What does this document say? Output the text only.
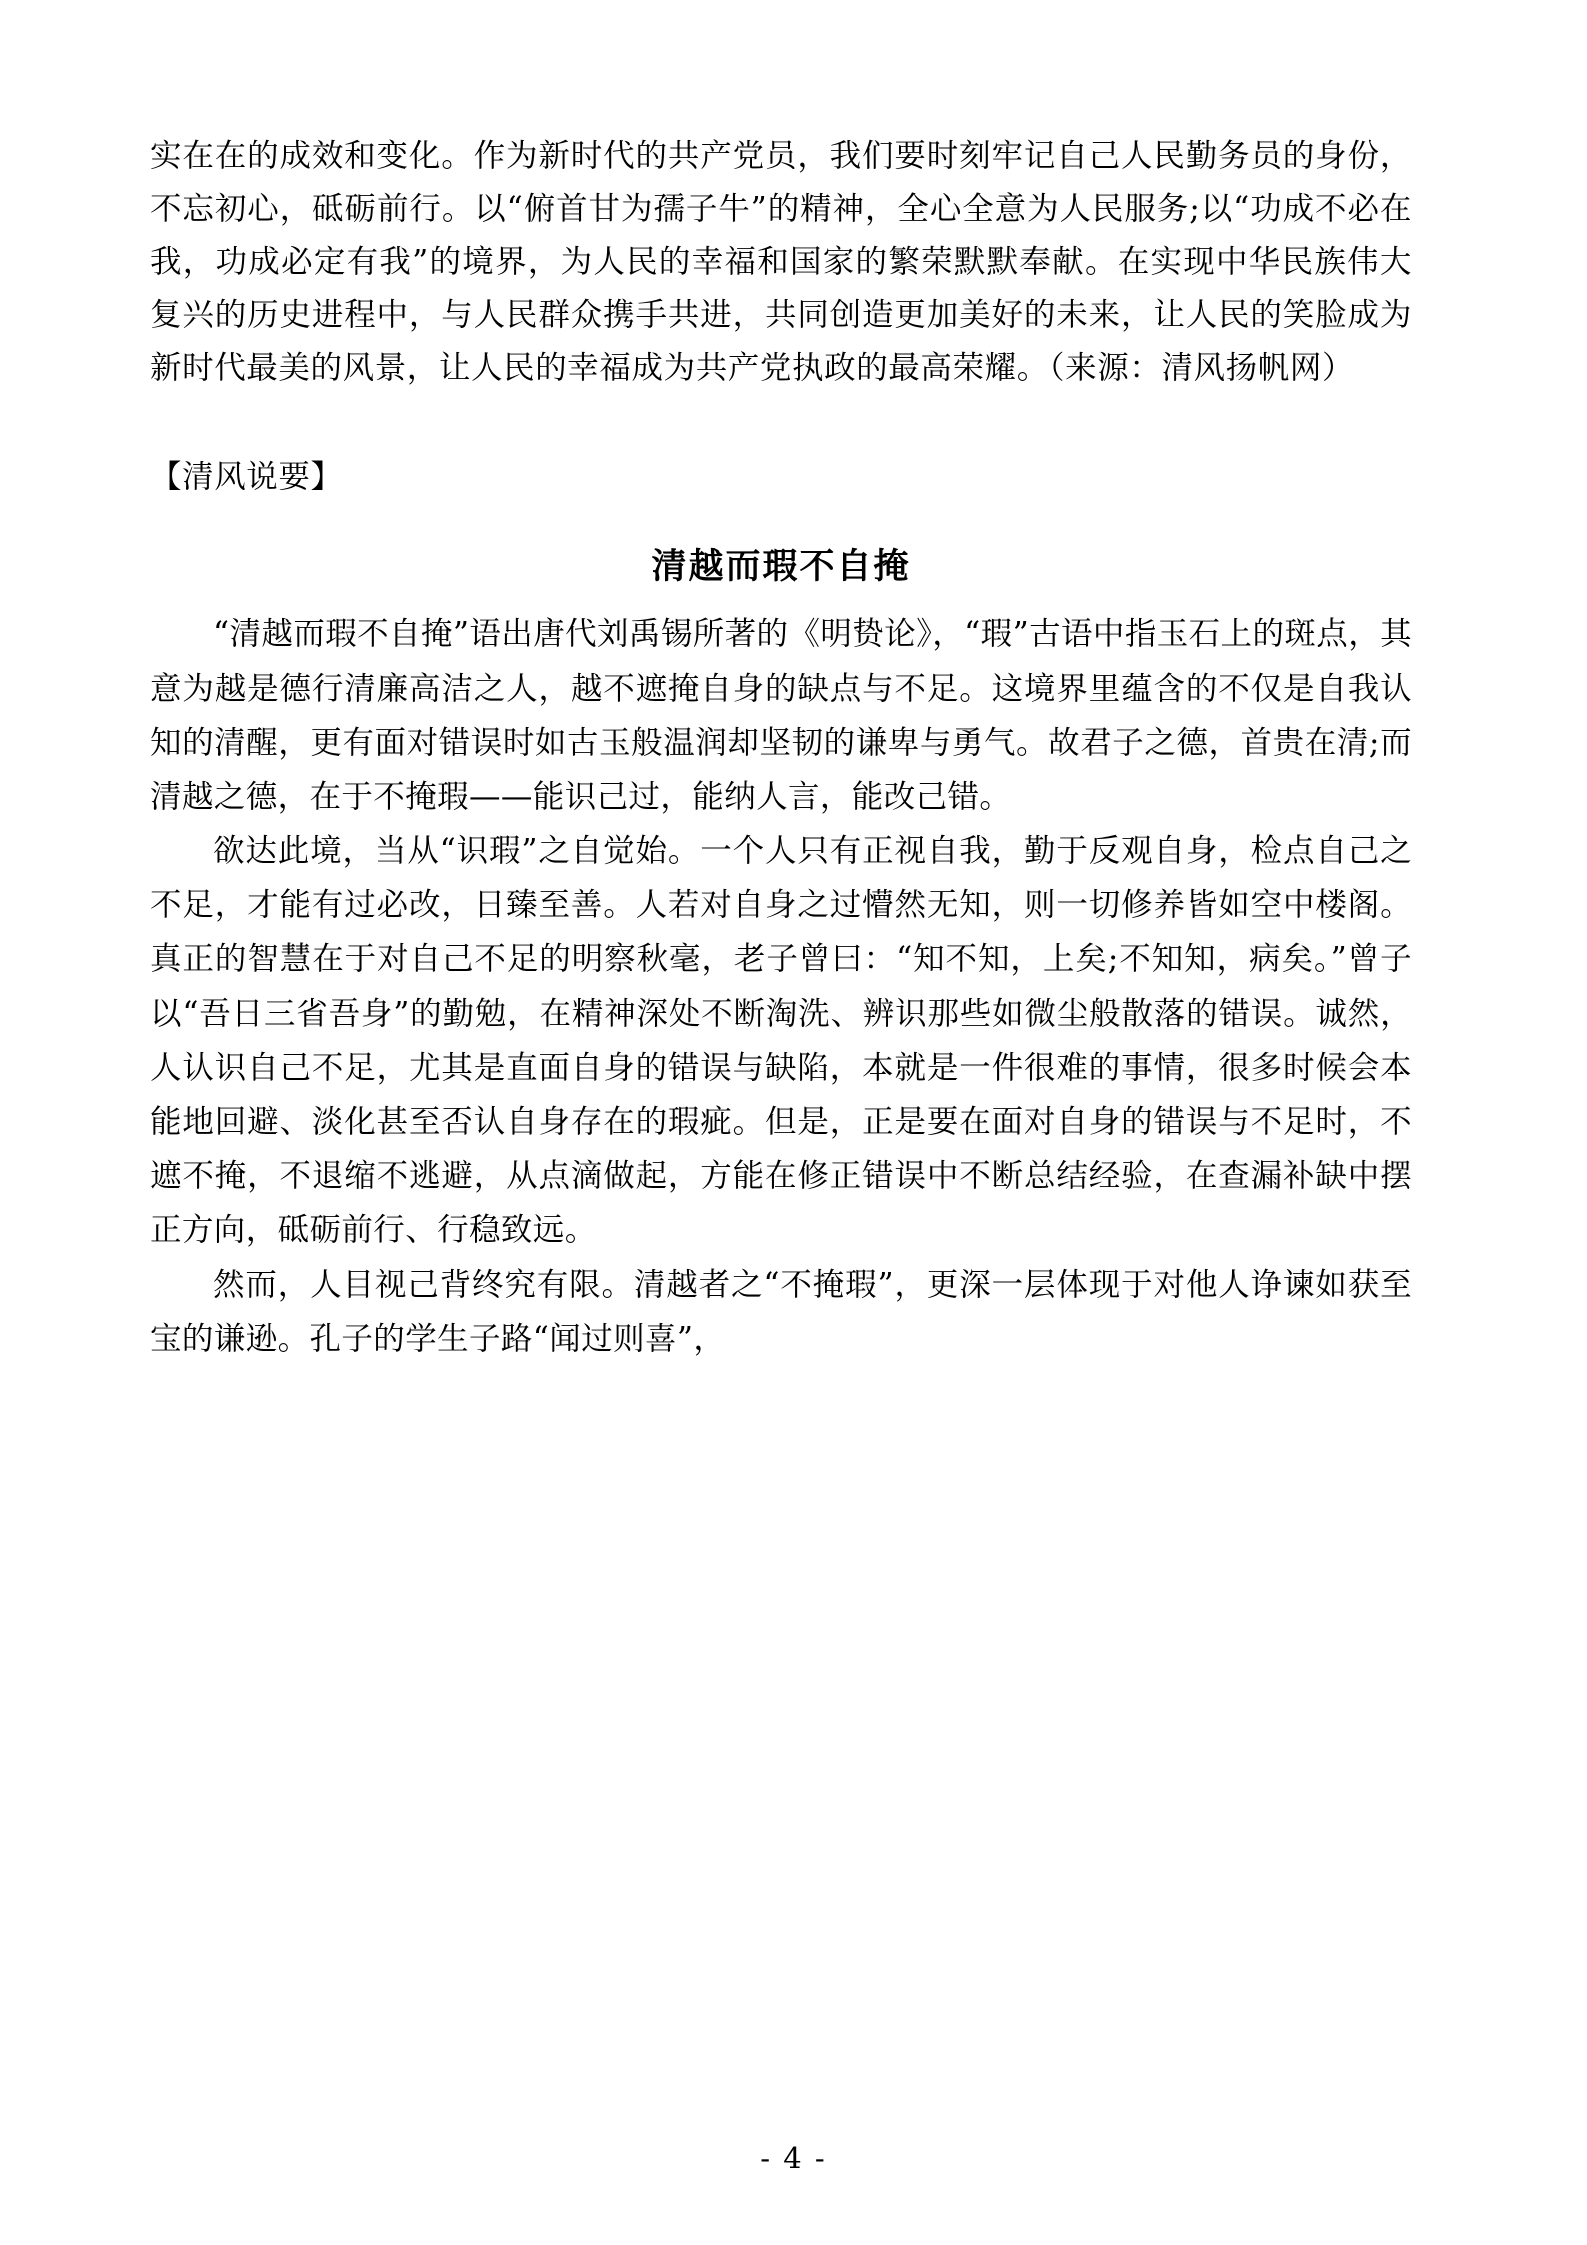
实在在的成效和变化。作为新时代的共产党员，我们要时刻牢记自己人民勤务员的身份，不忘初心，砥砺前行。以“俯首甘为孺子牛”的精神，全心全意为人民服务;以“功成不必在我，功成必定有我”的境界，为人民的幸福和国家的繁荣默默奉献。在实现中华民族伟大复兴的历史进程中，与人民群众携手共进，共同创造更加美好的未来，让人民的笑脸成为新时代最美的风景，让人民的幸福成为共产党执政的最高荣耀。（来源：清风扬帆网）

【清风说要】

清越而瑕不自掩

“清越而瑕不自掩”语出唐代刘禹锡所著的《明贽论》，“瑕”古语中指玉石上的斑点，其意为越是德行清廉高洁之人，越不遮掩自身的缺点与不足。这境界里蕴含的不仅是自我认知的清醒，更有面对错误时如古玉般温润却坚韧的谦卑与勇气。故君子之德，首贵在清;而清越之德，在于不掩瑕——能识己过，能纳人言，能改己错。

欲达此境，当从“识瑕”之自觉始。一个人只有正视自我，勤于反观自身，检点自己之不足，才能有过必改，日臻至善。人若对自身之过懵然无知，则一切修养皆如空中楼阁。真正的智慧在于对自己不足的明察秋毫，老子曾曰：“知不知，上矣;不知知，病矣。”曾子以“吾日三省吾身”的勤勉，在精神深处不断淘洗、辨识那些如微尘般散落的错误。诚然，人认识自己不足，尤其是直面自身的错误与缺陷，本就是一件很难的事情，很多时候会本能地回避、淡化甚至否认自身存在的瑕疵。但是，正是要在面对自身的错误与不足时，不遮不掩，不退缩不逃避，从点滴做起，方能在修正错误中不断总结经验，在查漏补缺中摆正方向，砥砺前行、行稳致远。

然而，人目视己背终究有限。清越者之“不掩瑕”，更深一层体现于对他人诤谏如获至宝的谦逊。孔子的学生子路“闻过则喜”，

- 4 -
